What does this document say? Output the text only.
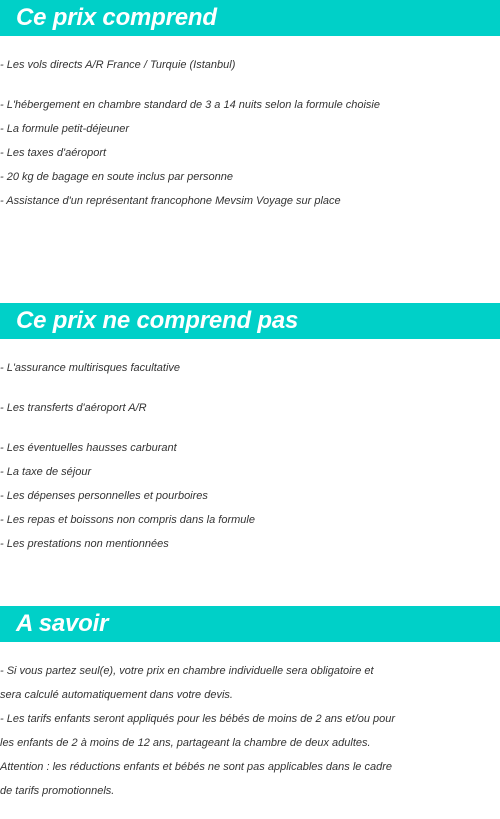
Ce prix comprend
- Les vols directs A/R France / Turquie (Istanbul)
- L'hébergement en chambre standard de 3 a 14 nuits selon la formule choisie
- La formule petit-déjeuner
- Les taxes d'aéroport
- 20 kg de bagage en soute inclus par personne
- Assistance d'un représentant francophone Mevsim Voyage sur place
Ce prix ne comprend pas
- L'assurance multirisques facultative
- Les transferts d'aéroport A/R
- Les éventuelles hausses carburant
- La taxe de séjour
- Les dépenses personnelles et pourboires
- Les repas et boissons non compris dans la formule
- Les prestations non mentionnées
A savoir
- Si vous partez seul(e), votre prix en chambre individuelle sera obligatoire et
sera calculé automatiquement dans votre devis.
- Les tarifs enfants seront appliqués pour les bébés de moins de 2 ans et/ou pour
les enfants de 2 à moins de 12 ans, partageant la chambre de deux adultes.
Attention : les réductions enfants et bébés ne sont pas applicables dans le cadre
de tarifs promotionnels.
